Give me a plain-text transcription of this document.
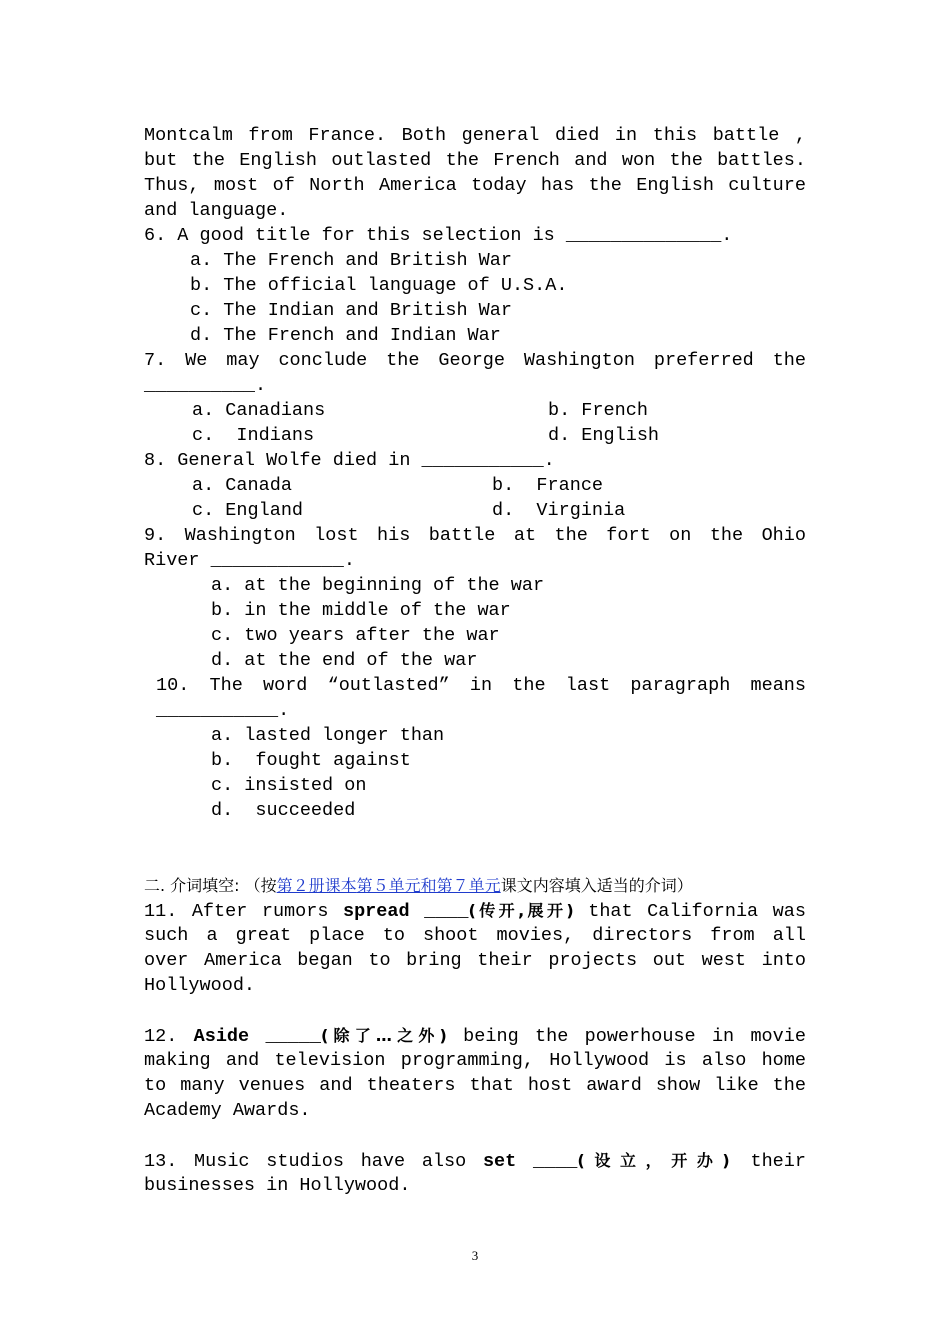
Montcalm from France. Both general died in this battle ,
but the English outlasted the French and won the battles.
Thus, most of North America today has the English culture
and language.
6. A good title for this selection is ______________.
a. The French and British War
b. The official language of U.S.A.
c. The Indian and British War
d. The French and Indian War
7. We may conclude the George Washington preferred the
__________.
a. Canadians	b. French
c.  Indians	d. English
8. General Wolfe died in ___________.
a. Canada	b.  France
c. England	d.  Virginia
9. Washington lost his battle at the fort on the Ohio
River ____________.
a. at the beginning of the war
b. in the middle of the war
c. two years after the war
d. at the end of the war
10. The word “outlasted” in the last paragraph means
___________.
a. lasted longer than
b.  fought against
c. insisted on
d.  succeeded
二. 介词填空: （按第２册课本第５单元和第７单元课文内容填入适当的介词）
11. After rumors spread ____(传开,展开) that California was
such a great place to shoot movies, directors from all
over America began to bring their projects out west into
Hollywood.
12. Aside _____(除了…之外) being the powerhouse in movie
making and television programming, Hollywood is also home
to many venues and theaters that host award show like the
Academy Awards.
13. Music studios have also set ____(设立，开办) their
businesses in Hollywood.
3
